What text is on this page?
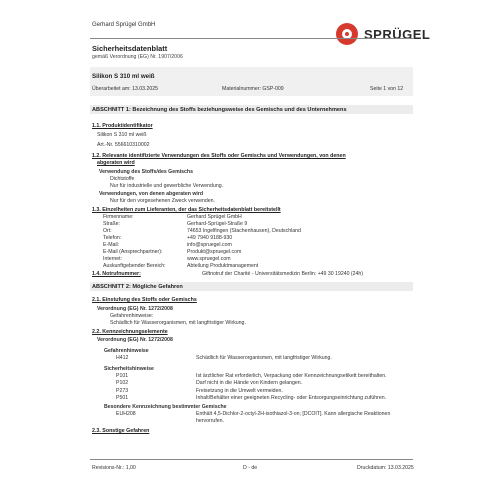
Gerhard Sprügel GmbH
SPRÜGEL
Sicherheitsdatenblatt
gemäß Verordnung (EG) Nr. 1907/2006
Silikon S 310 ml weiß
Überarbeitet am: 13.03.2025	Materialnummer: GSP-009	Seite 1 von 12
ABSCHNITT 1: Bezeichnung des Stoffs beziehungsweise des Gemischs und des Unternehmens
1.1. Produktidentifikator
Silikon S 310 ml weiß
Art.-Nr. 556610310002
1.2. Relevante identifizierte Verwendungen des Stoffs oder Gemischs und Verwendungen, von denen
abgeraten wird
Verwendung des Stoffs/des Gemischs
Dichtstoffe
Nur für industrielle und gewerbliche Verwendung.
Verwendungen, von denen abgeraten wird
Nur für den vorgesehenen Zweck verwenden.
1.3. Einzelheiten zum Lieferanten, der das Sicherheitsdatenblatt bereitstellt
Firmenname:	Gerhard Sprügel GmbH
Straße:	Gerhard-Sprügel-Straße 9
Ort:	74653 Ingelfingen (Stachenhausen), Deutschland
Telefon:	+49 7940 9188-930
E-Mail:	info@spruegel.com
E-Mail (Ansprechpartner):	Produkt@spruegel.com
Internet:	www.spruegel.com
Auskunftgebender Bereich:	Abteilung Produktmanagement
1.4. Notrufnummer:	Giftnotruf der Charité - Universitätsmedizin Berlin: +49 30 19240 (24h)
ABSCHNITT 2: Mögliche Gefahren
2.1. Einstufung des Stoffs oder Gemischs
Verordnung (EG) Nr. 1272/2008
Gefahrenhinweise:
Schädlich für Wasserorganismen, mit langfristiger Wirkung.
2.2. Kennzeichnungselemente
Verordnung (EG) Nr. 1272/2008
Gefahrenhinweise
H412	Schädlich für Wasserorganismen, mit langfristiger Wirkung.
Sicherheitshinweise
P101	Ist ärztlicher Rat erforderlich, Verpackung oder Kennzeichnungsetikett bereithalten.
P102	Darf nicht in die Hände von Kindern gelangen.
P273	Freisetzung in die Umwelt vermeiden.
P501	Inhalt/Behälter einer geeigneten Recycling- oder Entsorgungseinrichtung zuführen.
Besondere Kennzeichnung bestimmter Gemische
EUH208	Enthält 4,5-Dichlor-2-octyl-2H-isothiazol-3-on; [DCOIT]. Kann allergische Reaktionen
hervorrufen.
2.3. Sonstige Gefahren
Revisions-Nr.: 1,00	D - de	Druckdatum: 13.03.2025
